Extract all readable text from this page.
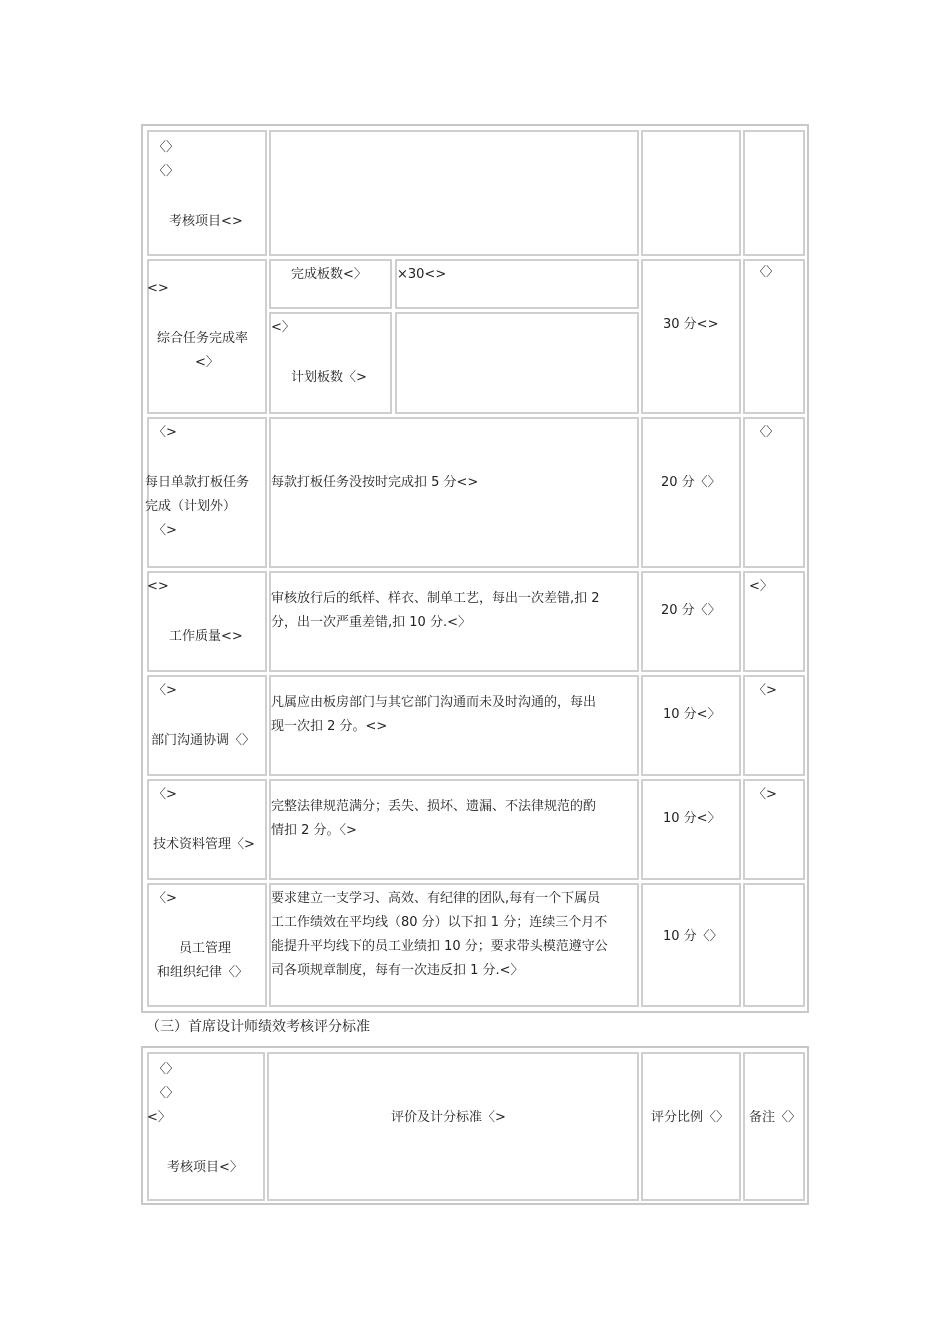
〈〉
〈〉
考核项目<>
<>
综合任务完成率
<〉
完成板数<〉 ×30<>
<〉
计划板数〈>
30 分<>
〈〉
〈>
每日单款打板任务
完成（计划外）
〈>
每款打板任务没按时完成扣 5 分<>	20 分〈〉
〈〉
<>
工作质量<>
审核放行后的纸样、样衣、制单工艺，每出一次差错,扣 2
分，出一次严重差错,扣 10 分.<〉
20 分〈〉
<〉
〈>
部门沟通协调〈〉
凡属应由板房部门与其它部门沟通而未及时沟通的，每出
现一次扣 2 分。<>
10 分<〉
〈>
〈>
技术资料管理〈>
完整法律规范满分；丢失、损坏、遗漏、不法律规范的酌
情扣 2 分。〈>
10 分<〉
〈>
〈>
员工管理
和组织纪律〈〉
要求建立一支学习、高效、有纪律的团队,每有一个下属员
工工作绩效在平均线（80 分）以下扣 1 分；连续三个月不
能提升平均线下的员工业绩扣 10 分；要求带头模范遵守公
司各项规章制度，每有一次违反扣 1 分.<〉
10 分〈〉
（三）首席设计师绩效考核评分标准
〈〉
〈〉
<〉
考核项目<〉
评价及计分标准〈>	评分比例〈〉 备注〈〉
